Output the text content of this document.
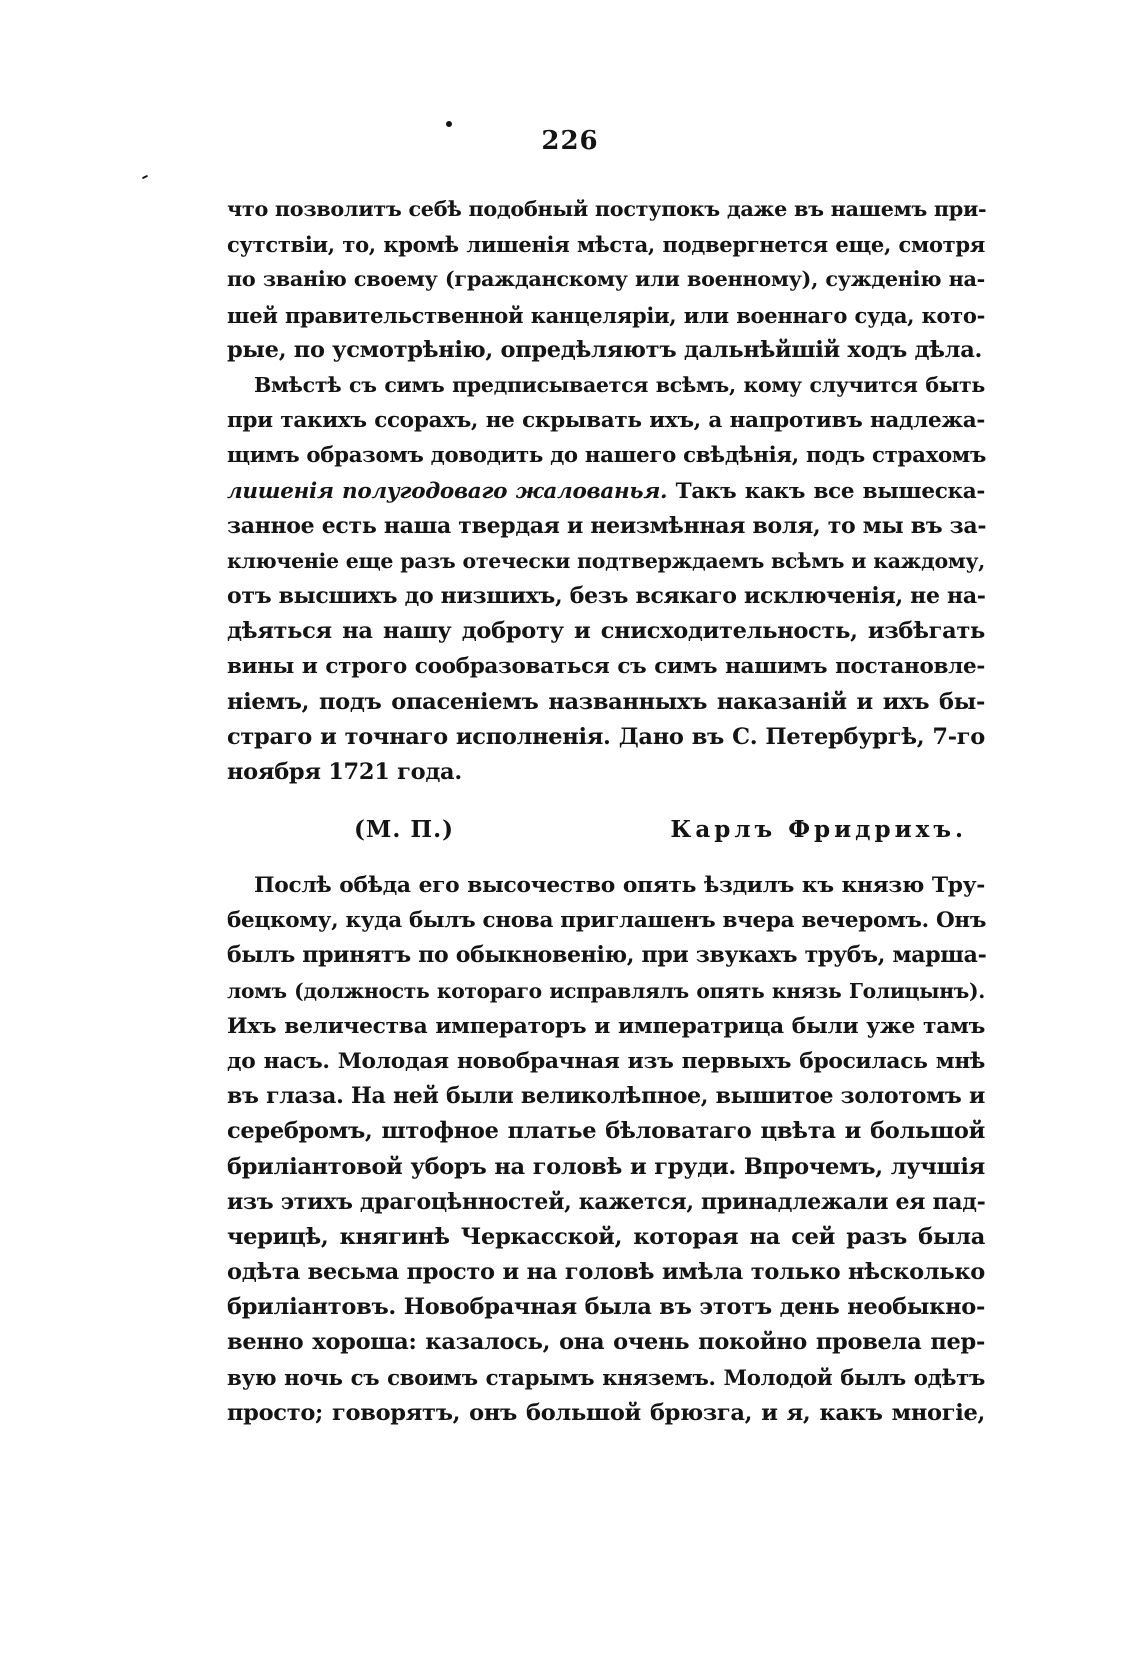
226
что позволитъ себѣ подобный поступокъ даже въ нашемъ при-
сутствіи, то, кромѣ лишенія мѣста, подвергнется еще, смотря
по званію своему (гражданскому или военному), сужденію на-
шей правительственной канцеляріи, или военнаго суда, кото-
рые, по усмотрѣнію, опредѣляютъ дальнѣйшій ходъ дѣла.
Вмѣстѣ съ симъ предписывается всѣмъ, кому случится быть
при такихъ ссорахъ, не скрывать ихъ, а напротивъ надлежа-
щимъ образомъ доводить до нашего свѣдѣнія, подъ страхомъ
лишенія полугодоваго жалованья. Такъ какъ все вышеска-
занное есть наша твердая и неизмѣнная воля, то мы въ за-
ключеніе еще разъ отечески подтверждаемъ всѣмъ и каждому,
отъ высшихъ до низшихъ, безъ всякаго исключенія, не на-
дѣяться на нашу доброту и снисходительность, избѣгать
вины и строго сообразоваться съ симъ нашимъ постановле-
ніемъ, подъ опасеніемъ названныхъ наказаній и ихъ бы-
страго и точнаго исполненія. Дано въ С. Петербургѣ, 7-го
ноября 1721 года.
(М. П.)	Карлъ Фридрихъ.
Послѣ обѣда его высочество опять ѣздилъ къ князю Тру-
бецкому, куда былъ снова приглашенъ вчера вечеромъ. Онъ
былъ принятъ по обыкновенію, при звукахъ трубъ, марша-
ломъ (должность котораго исправлялъ опять князь Голицынъ).
Ихъ величества императоръ и императрица были уже тамъ
до насъ. Молодая новобрачная изъ первыхъ бросилась мнѣ
въ глаза. На ней были великолѣпное, вышитое золотомъ и
серебромъ, штофное платье бѣловатаго цвѣта и большой
бриліантовой уборъ на головѣ и груди. Впрочемъ, лучшія
изъ этихъ драгоцѣнностей, кажется, принадлежали ея пад-
черицѣ, княгинѣ Черкасской, которая на сей разъ была
одѣта весьма просто и на головѣ имѣла только нѣсколько
бриліантовъ. Новобрачная была въ этотъ день необыкно-
венно хороша: казалось, она очень покойно провела пер-
вую ночь съ своимъ старымъ княземъ. Молодой былъ одѣтъ
просто; говорятъ, онъ большой брюзга, и я, какъ многіе,
